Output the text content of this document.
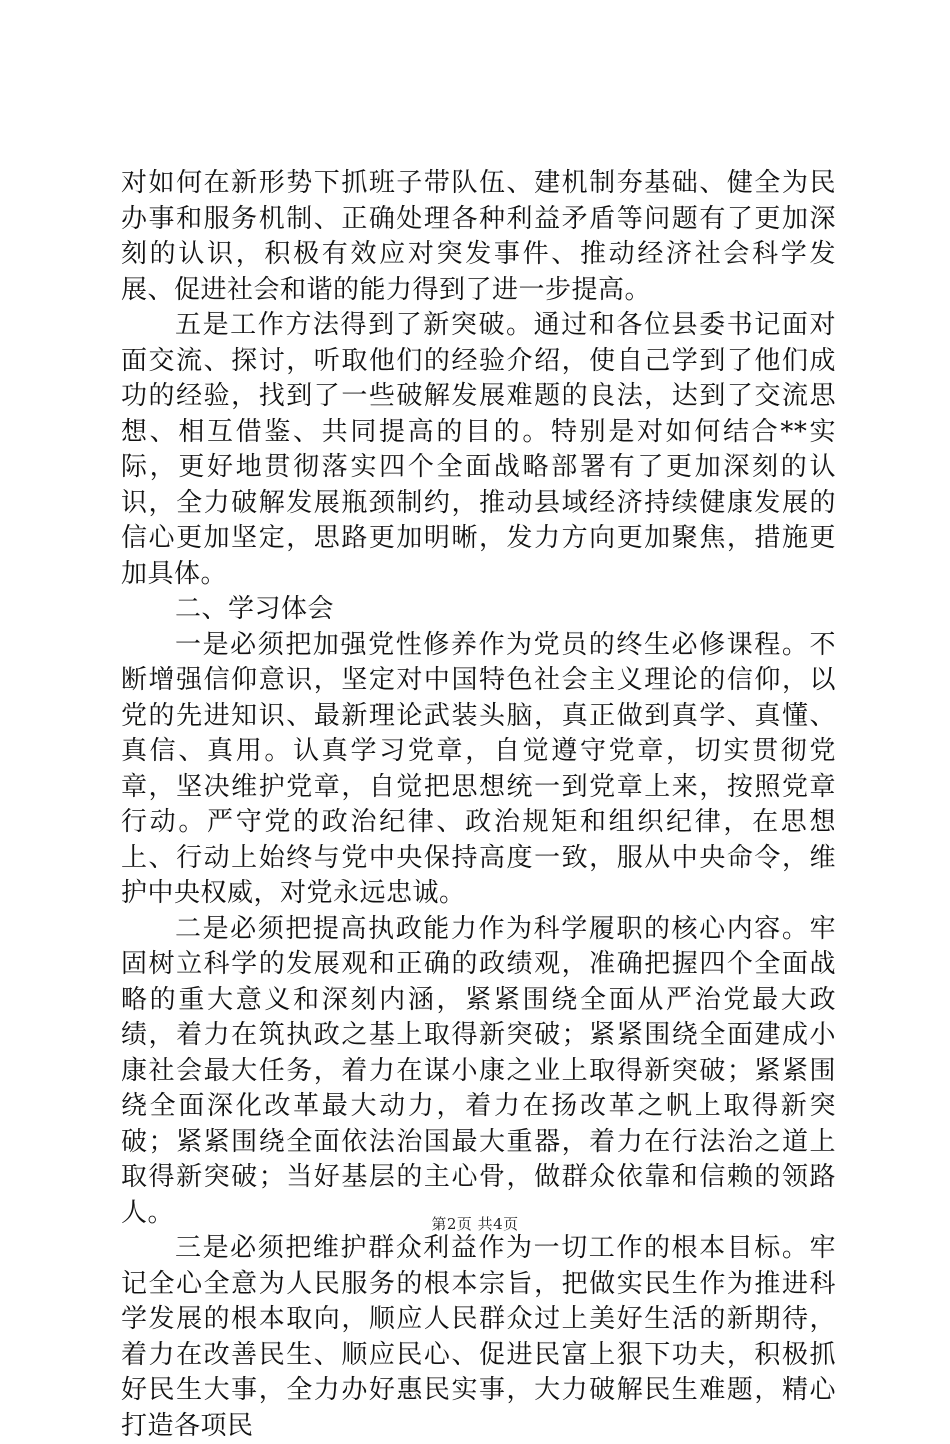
对如何在新形势下抓班子带队伍、建机制夯基础、健全为民办事和服务机制、正确处理各种利益矛盾等问题有了更加深刻的认识，积极有效应对突发事件、推动经济社会科学发展、促进社会和谐的能力得到了进一步提高。

五是工作方法得到了新突破。通过和各位县委书记面对面交流、探讨，听取他们的经验介绍，使自己学到了他们成功的经验，找到了一些破解发展难题的良法，达到了交流思想、相互借鉴、共同提高的目的。特别是对如何结合**实际，更好地贯彻落实四个全面战略部署有了更加深刻的认识，全力破解发展瓶颈制约，推动县域经济持续健康发展的信心更加坚定，思路更加明晰，发力方向更加聚焦，措施更加具体。

二、学习体会

一是必须把加强党性修养作为党员的终生必修课程。不断增强信仰意识，坚定对中国特色社会主义理论的信仰，以党的先进知识、最新理论武装头脑，真正做到真学、真懂、真信、真用。认真学习党章，自觉遵守党章，切实贯彻党章，坚决维护党章，自觉把思想统一到党章上来，按照党章行动。严守党的政治纪律、政治规矩和组织纪律，在思想上、行动上始终与党中央保持高度一致，服从中央命令，维护中央权威，对党永远忠诚。

二是必须把提高执政能力作为科学履职的核心内容。牢固树立科学的发展观和正确的政绩观，准确把握四个全面战略的重大意义和深刻内涵，紧紧围绕全面从严治党最大政绩，着力在筑执政之基上取得新突破；紧紧围绕全面建成小康社会最大任务，着力在谋小康之业上取得新突破；紧紧围绕全面深化改革最大动力，着力在扬改革之帆上取得新突破；紧紧围绕全面依法治国最大重器，着力在行法治之道上取得新突破；当好基层的主心骨，做群众依靠和信赖的领路人。

三是必须把维护群众利益作为一切工作的根本目标。牢记全心全意为人民服务的根本宗旨，把做实民生作为推进科学发展的根本取向，顺应人民群众过上美好生活的新期待，着力在改善民生、顺应民心、促进民富上狠下功夫，积极抓好民生大事，全力办好惠民实事，大力破解民生难题，精心打造各项民

第2页 共4页
